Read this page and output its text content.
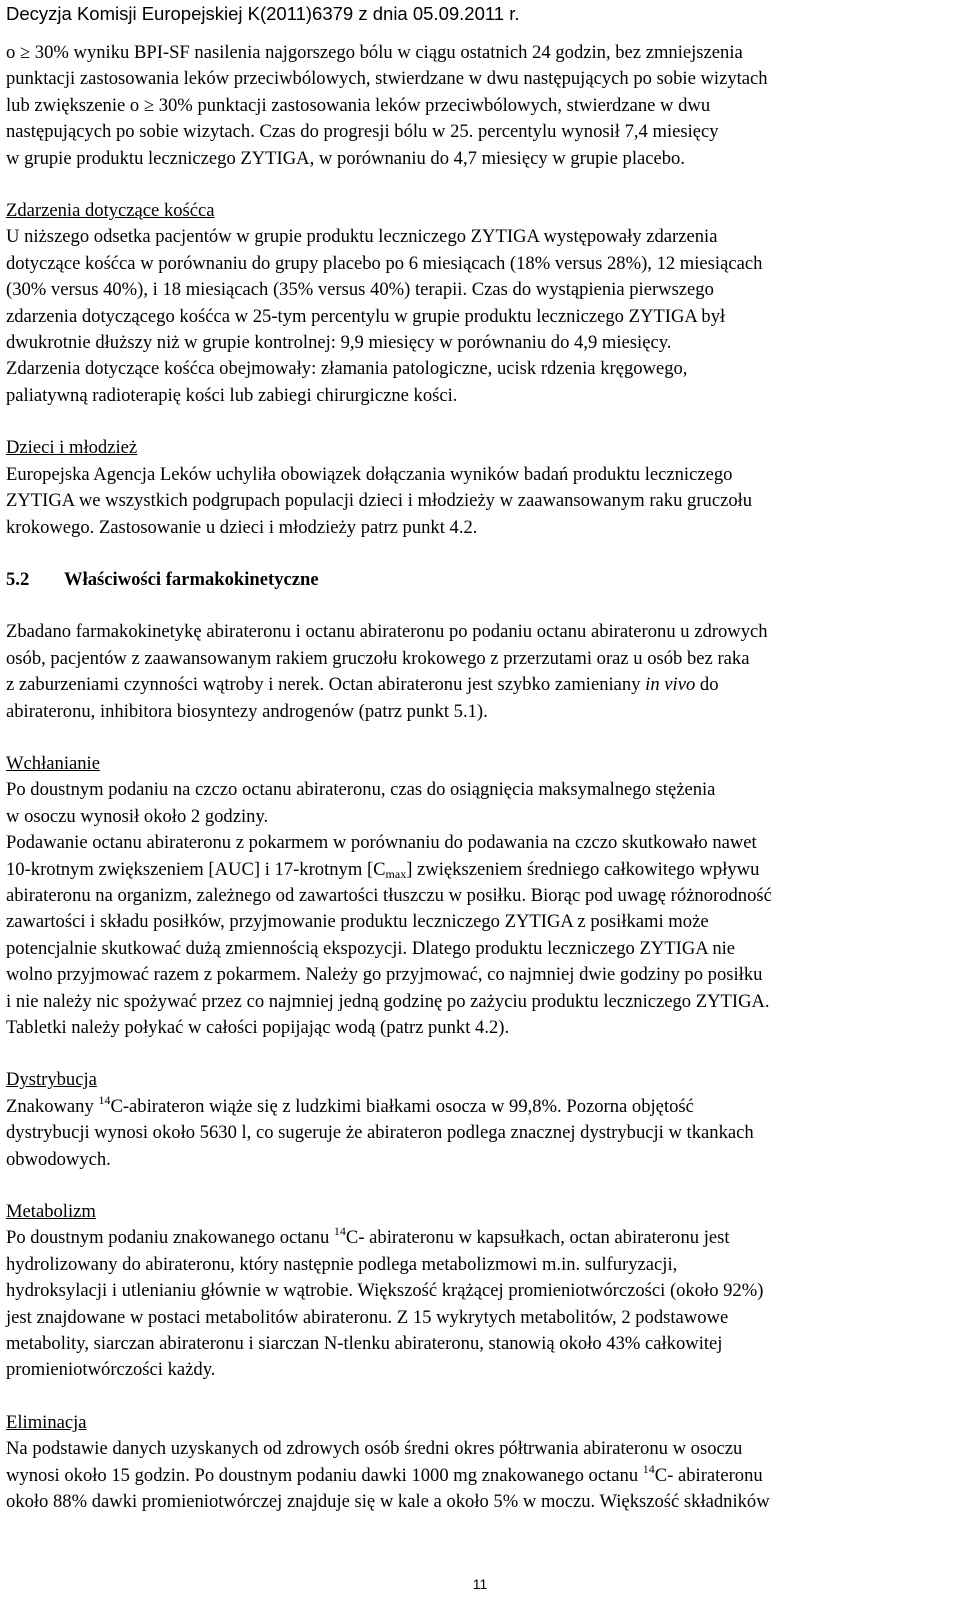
Decyzja Komisji Europejskiej K(2011)6379 z dnia 05.09.2011 r.

o ≥ 30% wyniku BPI-SF nasilenia najgorszego bólu w ciągu ostatnich 24 godzin, bez zmniejszenia
punktacji zastosowania leków przeciwbólowych, stwierdzane w dwu następujących po sobie wizytach
lub zwiększenie o ≥ 30% punktacji zastosowania leków przeciwbólowych, stwierdzane w dwu
następujących po sobie wizytach. Czas do progresji bólu w 25. percentylu wynosił 7,4 miesięcy
w grupie produktu leczniczego ZYTIGA, w porównaniu do 4,7 miesięcy w grupie placebo.

Zdarzenia dotyczące kośćca

U niższego odsetka pacjentów w grupie produktu leczniczego ZYTIGA występowały zdarzenia
dotyczące kośćca w porównaniu do grupy placebo po 6 miesiącach (18% versus 28%), 12 miesiącach
(30% versus 40%), i 18 miesiącach (35% versus 40%) terapii. Czas do wystąpienia pierwszego
zdarzenia dotyczącego kośćca w 25-tym percentylu w grupie produktu leczniczego ZYTIGA był
dwukrotnie dłuższy niż w grupie kontrolnej: 9,9 miesięcy w porównaniu do 4,9 miesięcy.
Zdarzenia dotyczące kośćca obejmowały: złamania patologiczne, ucisk rdzenia kręgowego,
paliatywną radioterapię kości lub zabiegi chirurgiczne kości.

Dzieci i młodzież

Europejska Agencja Leków uchyliła obowiązek dołączania wyników badań produktu leczniczego
ZYTIGA we wszystkich podgrupach populacji dzieci i młodzieży w zaawansowanym raku gruczołu
krokowego. Zastosowanie u dzieci i młodzieży patrz punkt 4.2.

5.2	Właściwości farmakokinetyczne

Zbadano farmakokinetykę abirateronu i octanu abirateronu po podaniu octanu abirateronu u zdrowych
osób, pacjentów z zaawansowanym rakiem gruczołu krokowego z przerzutami oraz u osób bez raka
z zaburzeniami czynności wątroby i nerek. Octan abirateronu jest szybko zamieniany in vivo do
abirateronu, inhibitora biosyntezy androgenów (patrz punkt 5.1).

Wchłanianie

Po doustnym podaniu na czczo octanu abirateronu, czas do osiągnięcia maksymalnego stężenia
w osoczu wynosił około 2 godziny.
Podawanie octanu abirateronu z pokarmem w porównaniu do podawania na czczo skutkowało nawet
10-krotnym zwiększeniem [AUC] i 17-krotnym $[C_{max}]$ zwiększeniem średniego całkowitego wpływu
abirateronu na organizm, zależnego od zawartości tłuszczu w posiłku. Biorąc pod uwagę różnorodność
zawartości i składu posiłków, przyjmowanie produktu leczniczego ZYTIGA z posiłkami może
potencjalnie skutkować dużą zmiennością ekspozycji. Dlatego produktu leczniczego ZYTIGA nie
wolno przyjmować razem z pokarmem. Należy go przyjmować, co najmniej dwie godziny po posiłku
i nie należy nic spożywać przez co najmniej jedną godzinę po zażyciu produktu leczniczego ZYTIGA.
Tabletki należy połykać w całości popijając wodą (patrz punkt 4.2).

Dystrybucja

Znakowany $^{14}$C-abirateron wiąże się z ludzkimi białkami osocza w 99,8%. Pozorna objętość
dystrybucji wynosi około 5630 l, co sugeruje że abirateron podlega znacznej dystrybucji w tkankach
obwodowych.

Metabolizm

Po doustnym podaniu znakowanego octanu $^{14}$C- abirateronu w kapsułkach, octan abirateronu jest
hydrolizowany do abirateronu, który następnie podlega metabolizmowi m.in. sulfuryzacji,
hydroksylacji i utlenianiu głównie w wątrobie. Większość krążącej promieniotwórczości (około 92%)
jest znajdowane w postaci metabolitów abirateronu. Z 15 wykrytych metabolitów, 2 podstawowe
metabolity, siarczan abirateronu i siarczan N-tlenku abirateronu, stanowią około 43% całkowitej
promieniotwórczości każdy.

Eliminacja

Na podstawie danych uzyskanych od zdrowych osób średni okres półtrwania abirateronu w osoczu
wynosi około 15 godzin. Po doustnym podaniu dawki 1000 mg znakowanego octanu $^{14}$C- abirateronu
około 88% dawki promieniotwórczej znajduje się w kale a około 5% w moczu. Większość składników

11
